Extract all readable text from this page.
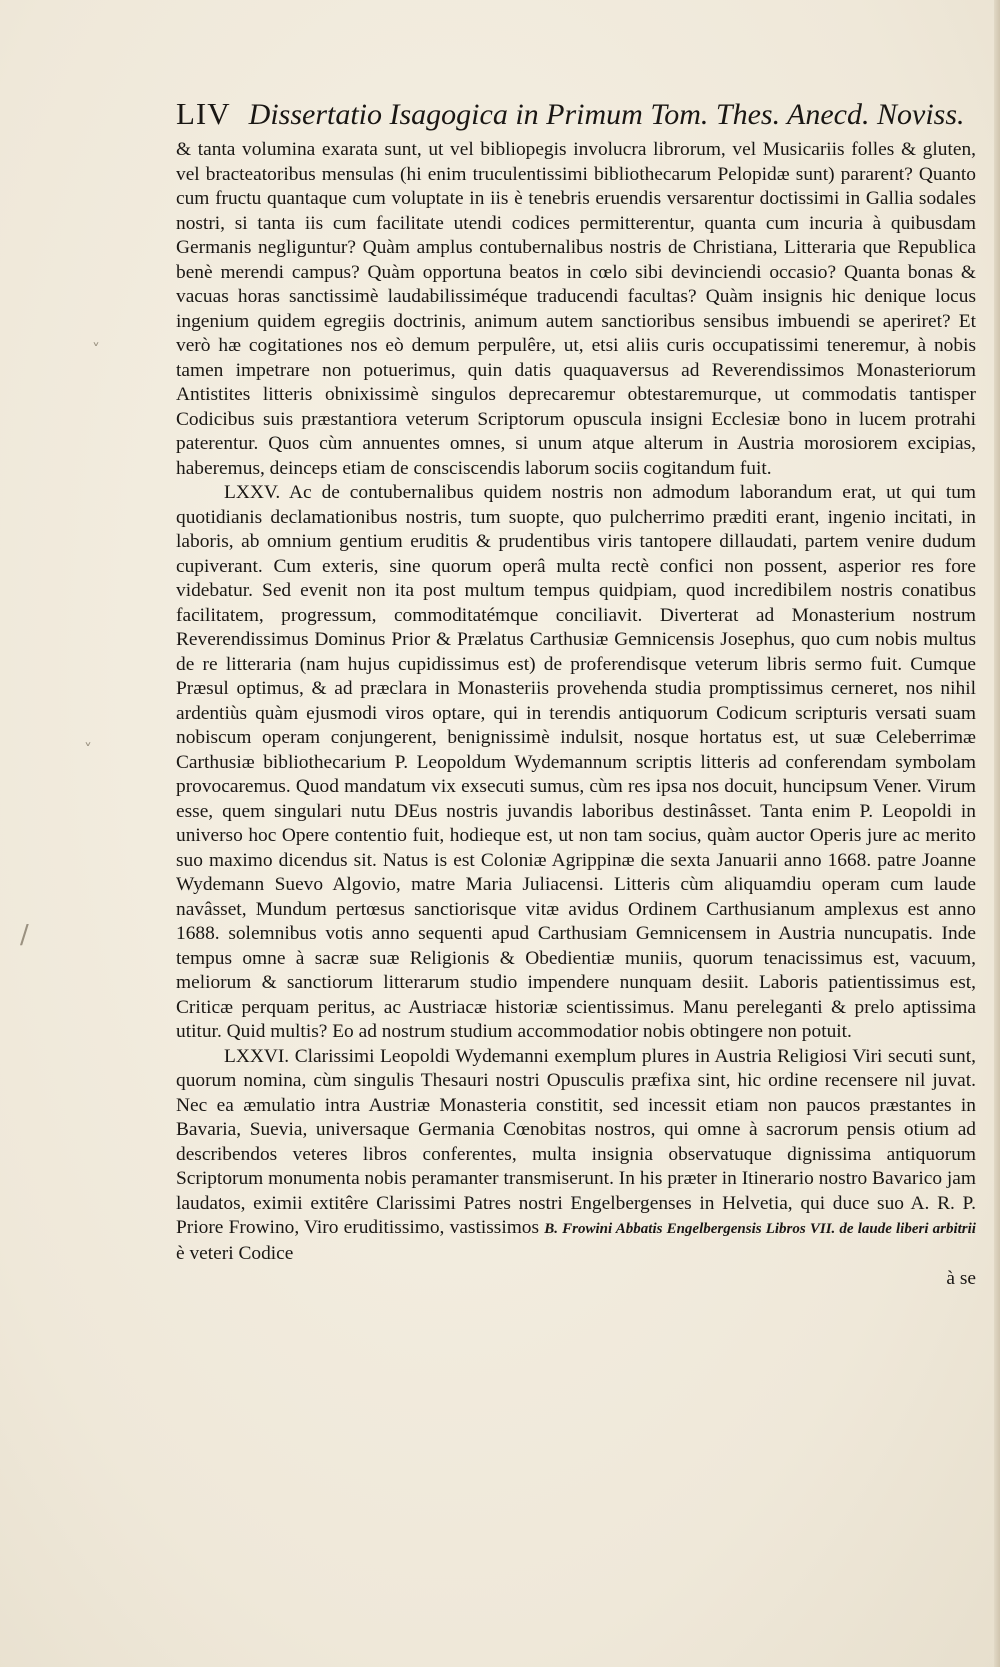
˅
˅
/
LIV Dissertatio Isagogica in Primum Tom. Thes. Anecd. Noviss.

& tanta volumina exarata sunt, ut vel bibliopegis involucra librorum, vel Musicariis folles & gluten, vel bracteatoribus mensulas (hi enim truculentissimi bibliothecarum Pelopidæ sunt) pararent? Quanto cum fructu quantaque cum voluptate in iis è tenebris eruendis versarentur doctissimi in Gallia sodales nostri, si tanta iis cum facilitate utendi codices permitterentur, quanta cum incuria à quibusdam Germanis negliguntur? Quàm amplus contubernalibus nostris de Christiana, Litteraria que Republica benè merendi campus? Quàm opportuna beatos in cœlo sibi devinciendi occasio? Quanta bonas & vacuas horas sanctissimè laudabilissiméque traducendi facultas? Quàm insignis hic denique locus ingenium quidem egregiis doctrinis, animum autem sanctioribus sensibus imbuendi se aperiret? Et verò hæ cogitationes nos eò demum perpulêre, ut, etsi aliis curis occupatissimi teneremur, à nobis tamen impetrare non potuerimus, quin datis quaquaversus ad Reverendissimos Monasteriorum Antistites litteris obnixissimè singulos deprecaremur obtestaremurque, ut commodatis tantisper Codicibus suis præstantiora veterum Scriptorum opuscula insigni Ecclesiæ bono in lucem protrahi paterentur. Quos cùm annuentes omnes, si unum atque alterum in Austria morosiorem excipias, haberemus, deinceps etiam de consciscendis laborum sociis cogitandum fuit.

LXXV. Ac de contubernalibus quidem nostris non admodum laborandum erat, ut qui tum quotidianis declamationibus nostris, tum suopte, quo pulcherrimo præditi erant, ingenio incitati, in laboris, ab omnium gentium eruditis & prudentibus viris tantopere dillaudati, partem venire dudum cupiverant. Cum exteris, sine quorum operâ multa rectè confici non possent, asperior res fore videbatur. Sed evenit non ita post multum tempus quidpiam, quod incredibilem nostris conatibus facilitatem, progressum, commoditatémque conciliavit. Diverterat ad Monasterium nostrum Reverendissimus Dominus Prior & Prælatus Carthusiæ Gemnicensis Josephus, quo cum nobis multus de re litteraria (nam hujus cupidissimus est) de proferendisque veterum libris sermo fuit. Cumque Præsul optimus, & ad præclara in Monasteriis provehenda studia promptissimus cerneret, nos nihil ardentiùs quàm ejusmodi viros optare, qui in terendis antiquorum Codicum scripturis versati suam nobiscum operam conjungerent, benignissimè indulsit, nosque hortatus est, ut suæ Celeberrimæ Carthusiæ bibliothecarium P. Leopoldum Wydemannum scriptis litteris ad conferendam symbolam provocaremus. Quod mandatum vix exsecuti sumus, cùm res ipsa nos docuit, huncipsum Vener. Virum esse, quem singulari nutu DEus nostris juvandis laboribus destinâsset. Tanta enim P. Leopoldi in universo hoc Opere contentio fuit, hodieque est, ut non tam socius, quàm auctor Operis jure ac merito suo maximo dicendus sit. Natus is est Coloniæ Agrippinæ die sexta Januarii anno 1668. patre Joanne Wydemann Suevo Algovio, matre Maria Juliacensi. Litteris cùm aliquamdiu operam cum laude navâsset, Mundum pertœsus sanctiorisque vitæ avidus Ordinem Carthusianum amplexus est anno 1688. solemnibus votis anno sequenti apud Carthusiam Gemnicensem in Austria nuncupatis. Inde tempus omne à sacræ suæ Religionis & Obedientiæ muniis, quorum tenacissimus est, vacuum, meliorum & sanctiorum litterarum studio impendere nunquam desiit. Laboris patientissimus est, Criticæ perquam peritus, ac Austriacæ historiæ scientissimus. Manu pereleganti & prelo aptissima utitur. Quid multis? Eo ad nostrum studium accommodatior nobis obtingere non potuit.

LXXVI. Clarissimi Leopoldi Wydemanni exemplum plures in Austria Religiosi Viri secuti sunt, quorum nomina, cùm singulis Thesauri nostri Opusculis præfixa sint, hic ordine recensere nil juvat. Nec ea æmulatio intra Austriæ Monasteria constitit, sed incessit etiam non paucos præstantes in Bavaria, Suevia, universaque Germania Cœnobitas nostros, qui omne à sacrorum pensis otium ad describendos veteres libros conferentes, multa insignia observatuque dignissima antiquorum Scriptorum monumenta nobis peramanter transmiserunt. In his præter in Itinerario nostro Bavarico jam laudatos, eximii extitêre Clarissimi Patres nostri Engelbergenses in Helvetia, qui duce suo A. R. P. Priore Frowino, Viro eruditissimo, vastissimos B. Frowini Abbatis Engelbergensis Libros VII. de laude liberi arbitrii è veteri Codice

à se
